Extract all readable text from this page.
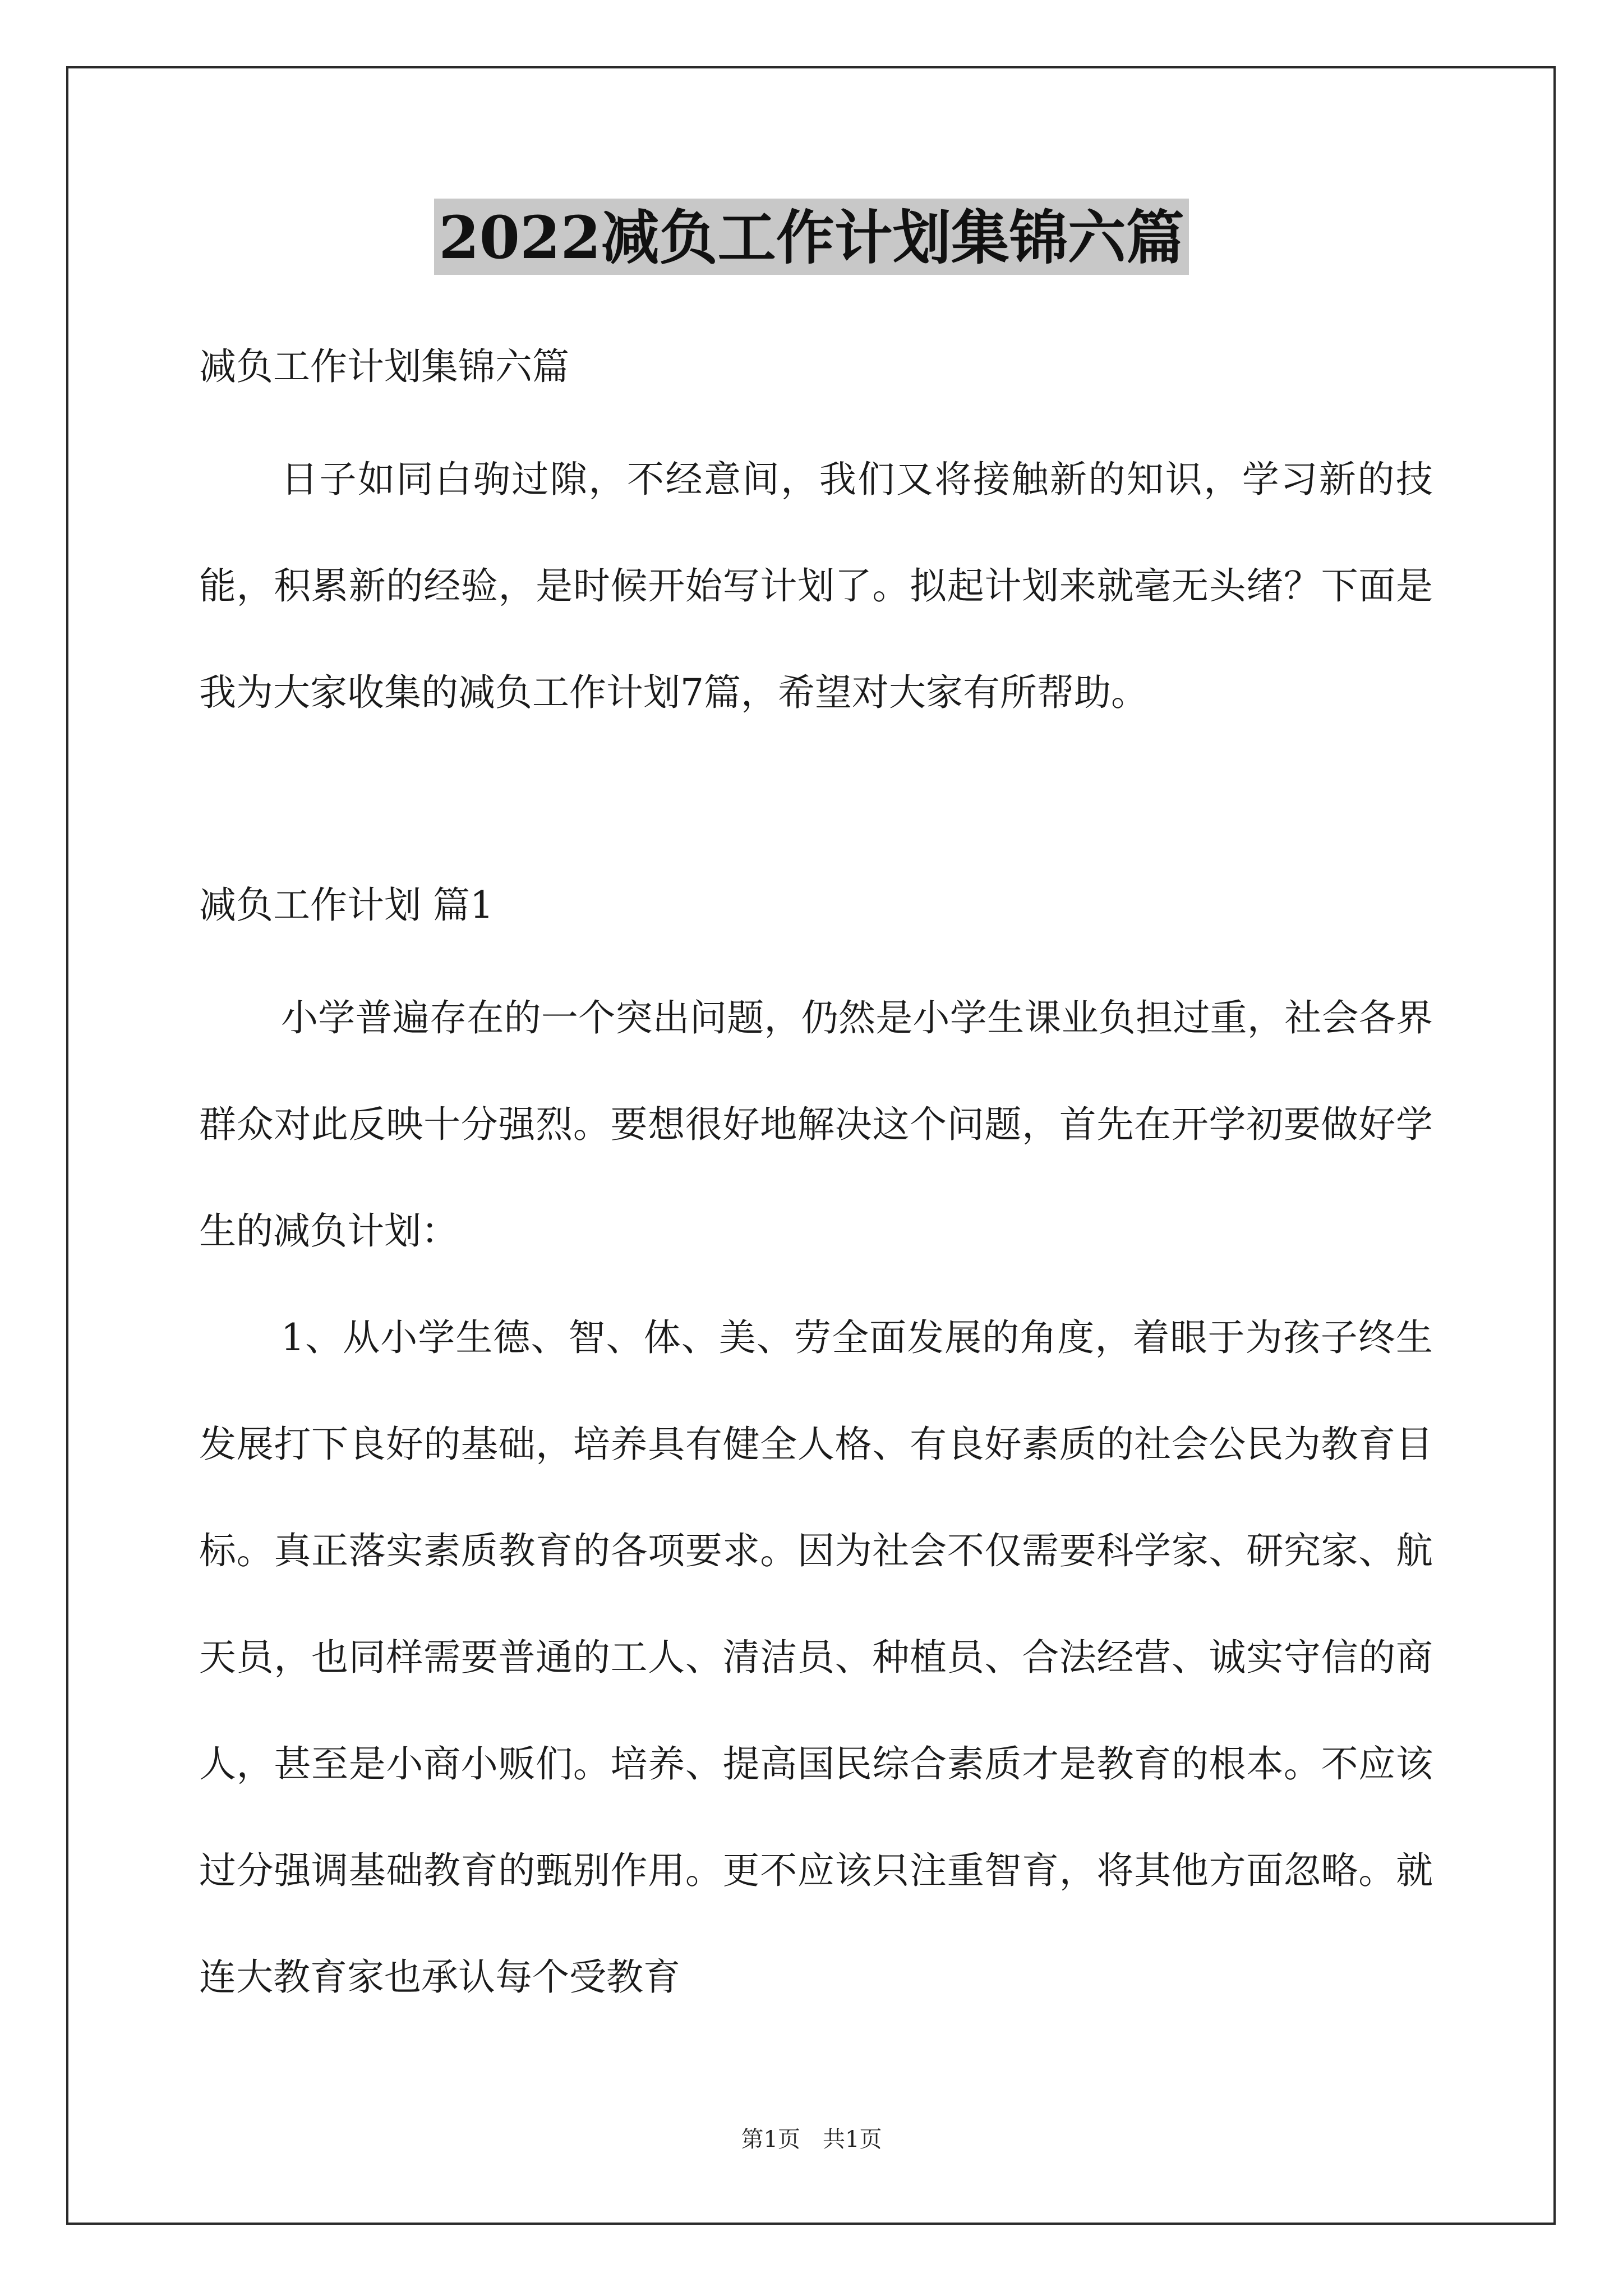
2022减负工作计划集锦六篇
减负工作计划集锦六篇

日子如同白驹过隙，不经意间，我们又将接触新的知识，学习新的技能，积累新的经验，是时候开始写计划了。拟起计划来就毫无头绪？下面是我为大家收集的减负工作计划7篇，希望对大家有所帮助。

减负工作计划 篇1

小学普遍存在的一个突出问题，仍然是小学生课业负担过重，社会各界群众对此反映十分强烈。要想很好地解决这个问题，首先在开学初要做好学生的减负计划：

1、从小学生德、智、体、美、劳全面发展的角度，着眼于为孩子终生发展打下良好的基础，培养具有健全人格、有良好素质的社会公民为教育目标。真正落实素质教育的各项要求。因为社会不仅需要科学家、研究家、航天员，也同样需要普通的工人、清洁员、种植员、合法经营、诚实守信的商人，甚至是小商小贩们。培养、提高国民综合素质才是教育的根本。不应该过分强调基础教育的甄别作用。更不应该只注重智育，将其他方面忽略。就连大教育家也承认每个受教育

第1页　共1页
